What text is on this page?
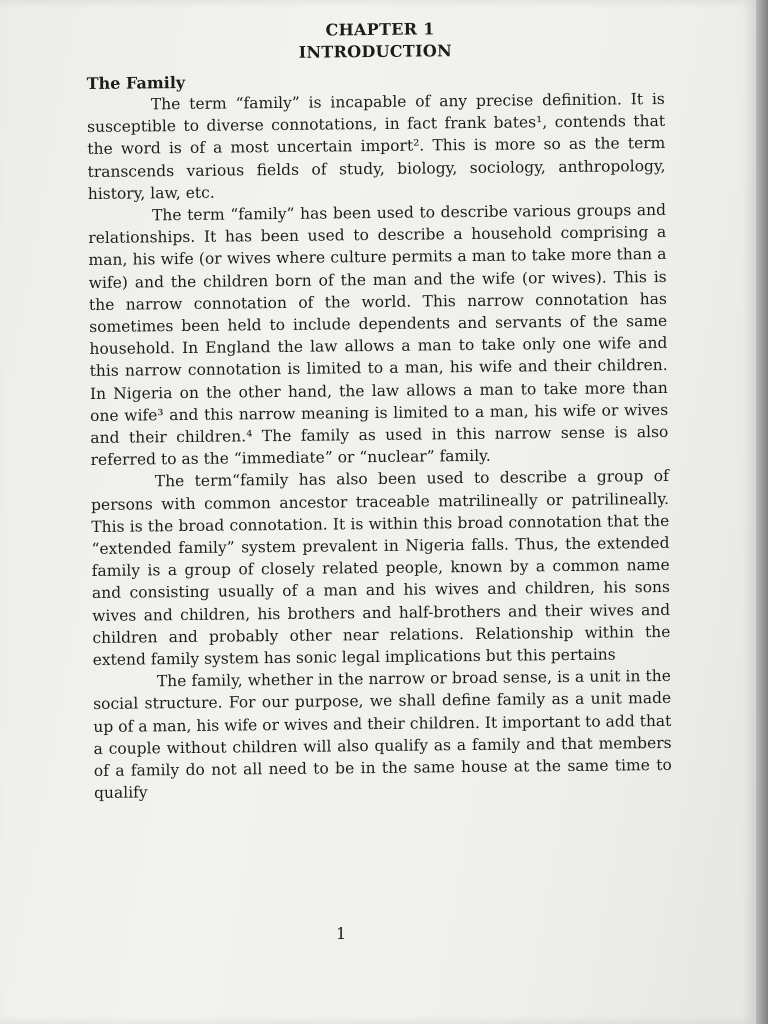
CHAPTER 1
INTRODUCTION
The Family

The term “family” is incapable of any precise definition. It is susceptible to diverse connotations, in fact frank bates¹, contends that the word is of a most uncertain import². This is more so as the term transcends various fields of study, biology, sociology, anthropology, history, law, etc.

The term “family” has been used to describe various groups and relationships. It has been used to describe a household comprising a man, his wife (or wives where culture permits a man to take more than a wife) and the children born of the man and the wife (or wives). This is the narrow connotation of the world. This narrow connotation has sometimes been held to include dependents and servants of the same household. In England the law allows a man to take only one wife and this narrow connotation is limited to a man, his wife and their children. In Nigeria on the other hand, the law allows a man to take more than one wife³ and this narrow meaning is limited to a man, his wife or wives and their children.⁴ The family as used in this narrow sense is also referred to as the “immediate” or “nuclear” family.

The term“family has also been used to describe a group of persons with common ancestor traceable matrilineally or patrilineally. This is the broad connotation. It is within this broad connotation that the “extended family” system prevalent in Nigeria falls. Thus, the extended family is a group of closely related people, known by a common name and consisting usually of a man and his wives and children, his sons wives and children, his brothers and half-brothers and their wives and children and probably other near relations. Relationship within the extend family system has sonic legal implications but this pertains

The family, whether in the narrow or broad sense, is a unit in the social structure. For our purpose, we shall define family as a unit made up of a man, his wife or wives and their children. It important to add that a couple without children will also qualify as a family and that members of a family do not all need to be in the same house at the same time to qualify

1
